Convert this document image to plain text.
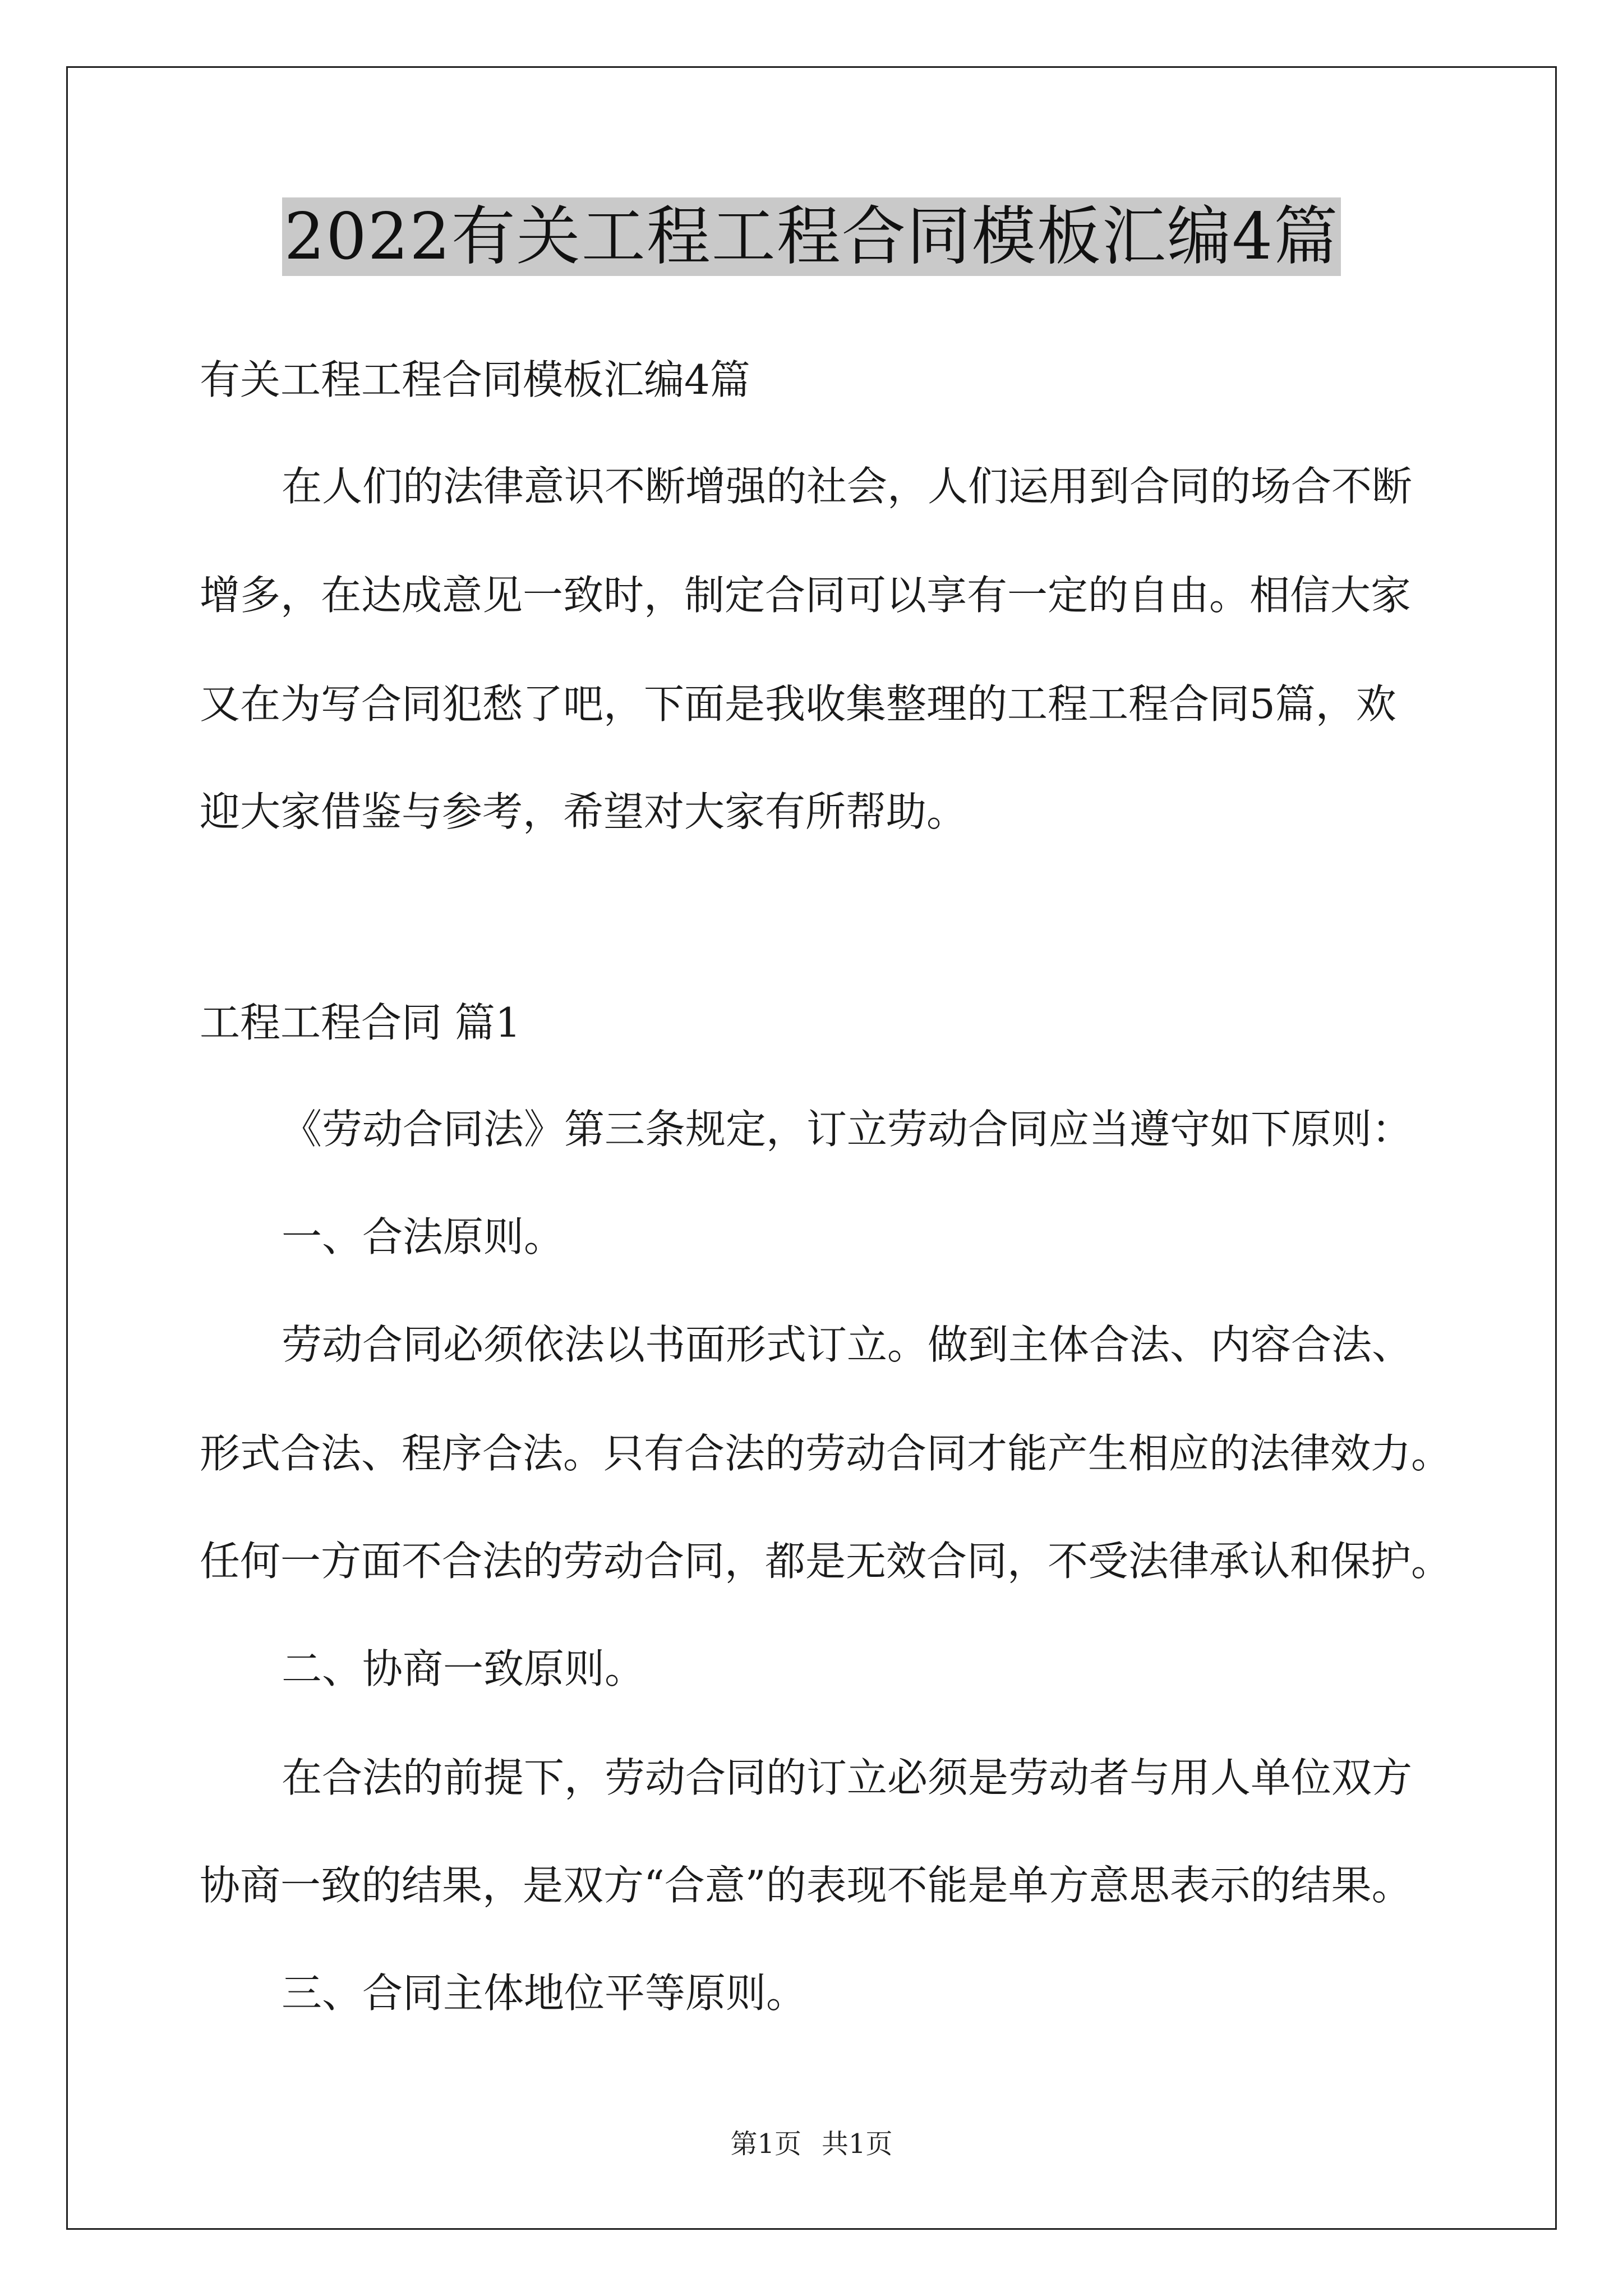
2022有关工程工程合同模板汇编4篇
有关工程工程合同模板汇编4篇
在人们的法律意识不断增强的社会，人们运用到合同的场合不断
增多，在达成意见一致时，制定合同可以享有一定的自由。相信大家
又在为写合同犯愁了吧，下面是我收集整理的工程工程合同5篇，欢
迎大家借鉴与参考，希望对大家有所帮助。
工程工程合同 篇1
《劳动合同法》第三条规定，订立劳动合同应当遵守如下原则：
一、合法原则。
劳动合同必须依法以书面形式订立。做到主体合法、内容合法、
形式合法、程序合法。只有合法的劳动合同才能产生相应的法律效力。
任何一方面不合法的劳动合同，都是无效合同，不受法律承认和保护。
二、协商一致原则。
在合法的前提下，劳动合同的订立必须是劳动者与用人单位双方
协商一致的结果，是双方“合意”的表现不能是单方意思表示的结果。
三、合同主体地位平等原则。
第1页 共1页
